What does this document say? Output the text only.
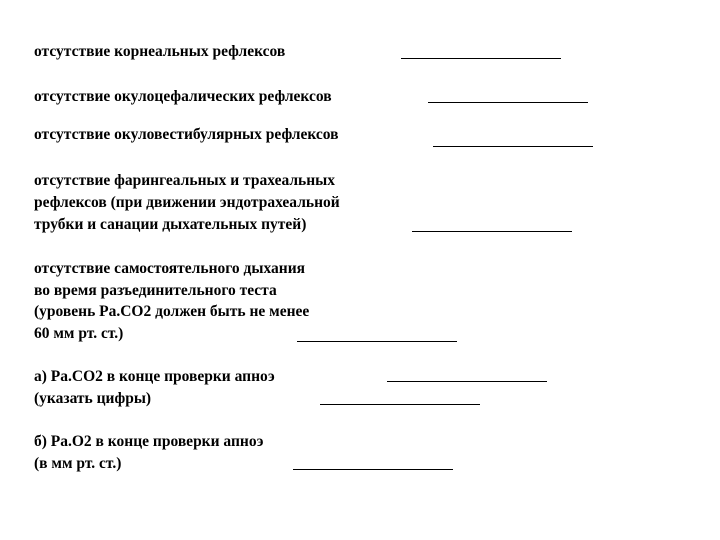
отсутствие корнеальных рефлексов

отсутствие окулоцефалических рефлексов

отсутствие окуловестибулярных рефлексов

отсутствие фарингеальных и трахеальных

рефлексов (при движении эндотрахеальной

трубки и санации дыхательных путей)

отсутствие самостоятельного дыхания

во время разъединительного теста

(уровень Ра.СО2 должен быть не менее

60 мм рт. ст.)

а) Ра.СО2 в конце проверки апноэ

(указать цифры)

б) Ра.О2 в конце проверки апноэ

(в мм рт. ст.)
